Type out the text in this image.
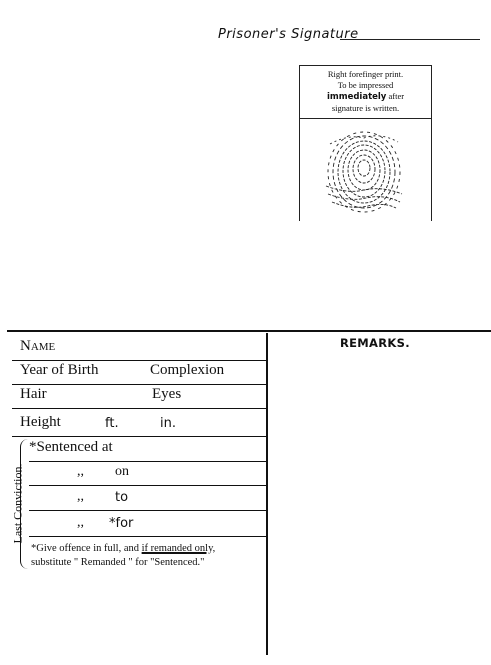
Prisoner's Signature
Right forefinger print.
To be impressed
immediately after
signature is written.
Name
Year of Birth	Complexion
Hair	Eyes
Height	ft.	in.
Last Conviction.
*Sentenced at
,, on
,, to
,, *for
*Give offence in full, and if remanded only,
substitute " Remanded " for "Sentenced."
REMARKS.
